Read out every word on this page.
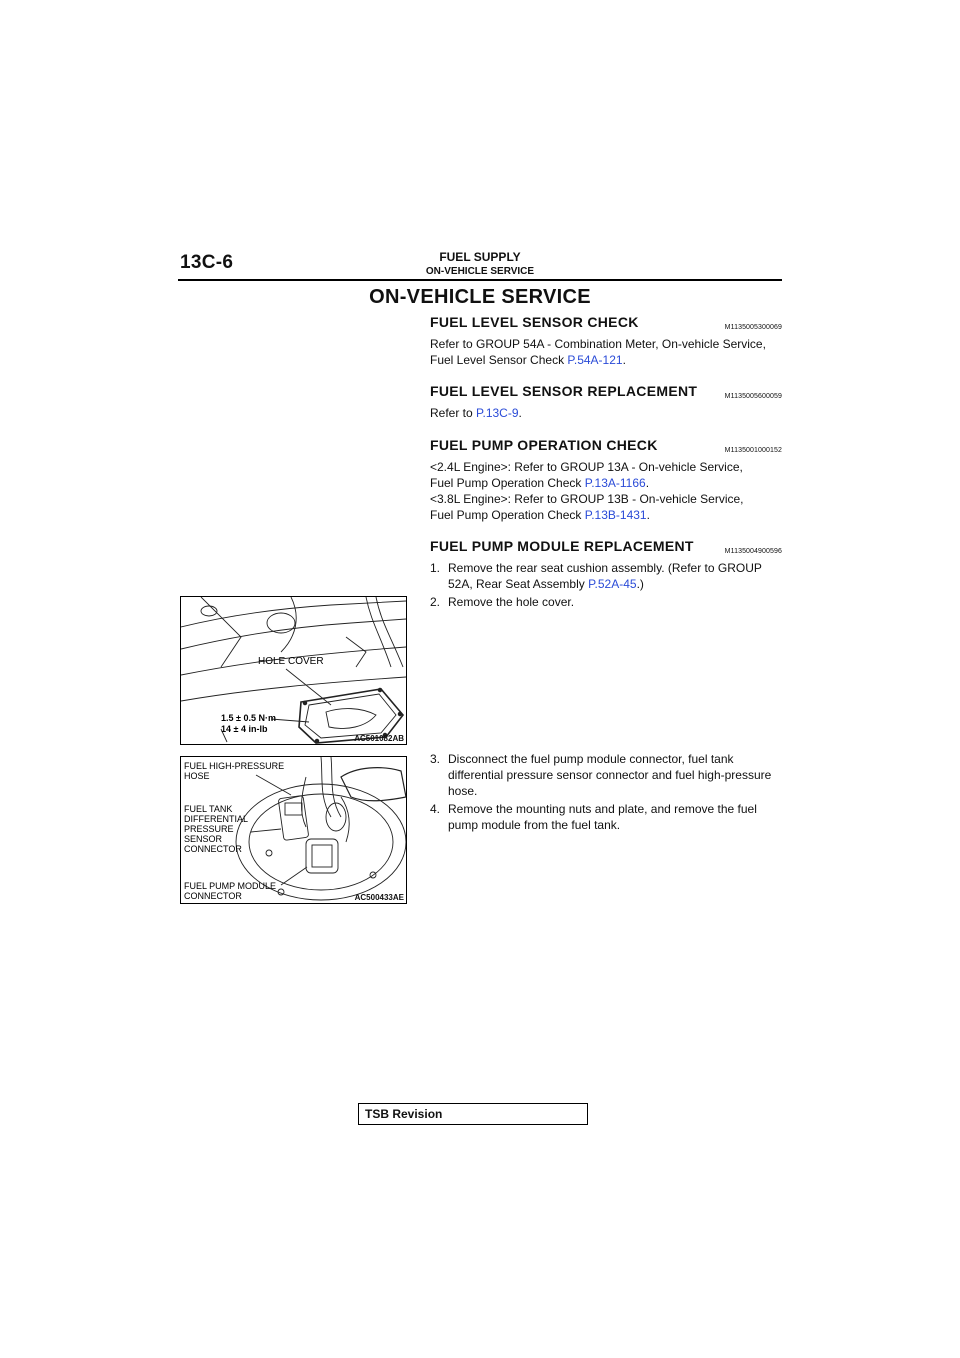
13C-6	FUEL SUPPLY
ON-VEHICLE SERVICE
ON-VEHICLE SERVICE
FUEL LEVEL SENSOR CHECK	M1135005300069

Refer to GROUP 54A - Combination Meter, On-vehicle Service,
Fuel Level Sensor Check P.54A-121.

FUEL LEVEL SENSOR REPLACEMENT	M1135005600059

Refer to P.13C-9.

FUEL PUMP OPERATION CHECK	M1135001000152

<2.4L Engine>: Refer to GROUP 13A - On-vehicle Service,
Fuel Pump Operation Check P.13A-1166.
<3.8L Engine>: Refer to GROUP 13B - On-vehicle Service,
Fuel Pump Operation Check P.13B-1431.

FUEL PUMP MODULE REPLACEMENT	M1135004900596
1. Remove the rear seat cushion assembly. (Refer to GROUP 52A, Rear Seat Assembly P.52A-45.)
2. Remove the hole cover.
3. Disconnect the fuel pump module connector, fuel tank differential pressure sensor connector and fuel high-pressure hose.
4. Remove the mounting nuts and plate, and remove the fuel pump module from the fuel tank.
HOLE COVER
1.5 ± 0.5 N·m
14 ± 4 in-lb
AC501082AB
FUEL HIGH-PRESSURE HOSE
FUEL TANK DIFFERENTIAL PRESSURE SENSOR CONNECTOR
FUEL PUMP MODULE CONNECTOR	AC500433AE
TSB Revision
